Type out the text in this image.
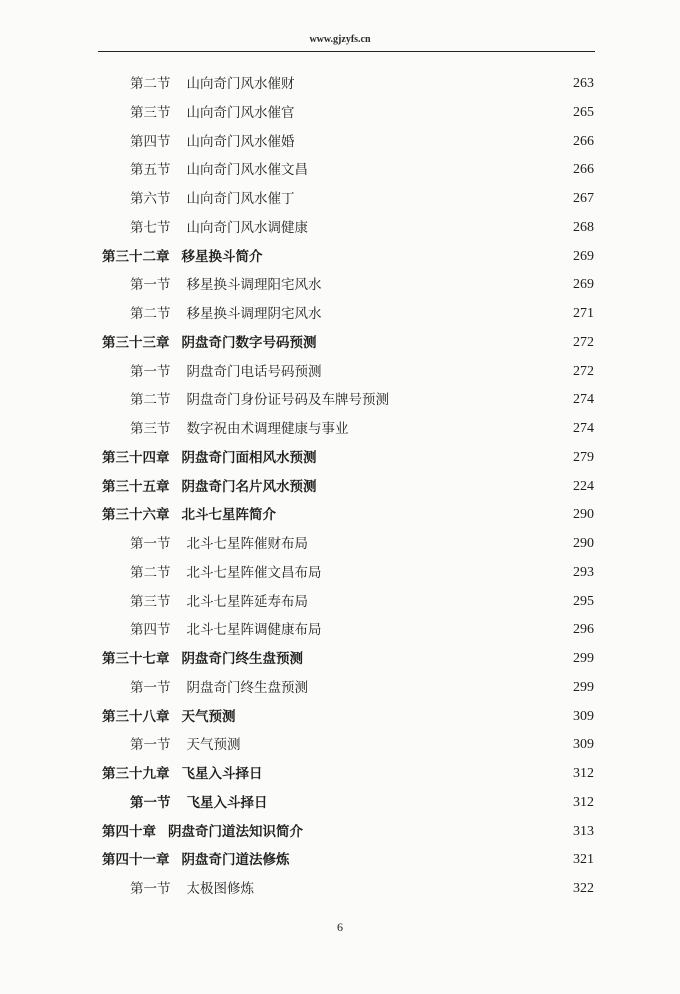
www.gjzyfs.cn
第二节 山向奇门风水催财	263
第三节 山向奇门风水催官	265
第四节 山向奇门风水催婚	266
第五节 山向奇门风水催文昌	266
第六节 山向奇门风水催丁	267
第七节 山向奇门风水调健康	268
第三十二章 移星换斗简介	269
第一节 移星换斗调理阳宅风水	269
第二节 移星换斗调理阴宅风水	271
第三十三章 阴盘奇门数字号码预测	272
第一节 阴盘奇门电话号码预测	272
第二节 阴盘奇门身份证号码及车牌号预测	274
第三节 数字祝由术调理健康与事业	274
第三十四章 阴盘奇门面相风水预测	279
第三十五章 阴盘奇门名片风水预测	224
第三十六章 北斗七星阵简介	290
第一节 北斗七星阵催财布局	290
第二节 北斗七星阵催文昌布局	293
第三节 北斗七星阵延寿布局	295
第四节 北斗七星阵调健康布局	296
第三十七章 阴盘奇门终生盘预测	299
第一节 阴盘奇门终生盘预测	299
第三十八章 天气预测	309
第一节 天气预测	309
第三十九章 飞星入斗择日	312
第一节 飞星入斗择日	312
第四十章 阴盘奇门道法知识简介	313
第四十一章 阴盘奇门道法修炼	321
第一节 太极图修炼	322
6
